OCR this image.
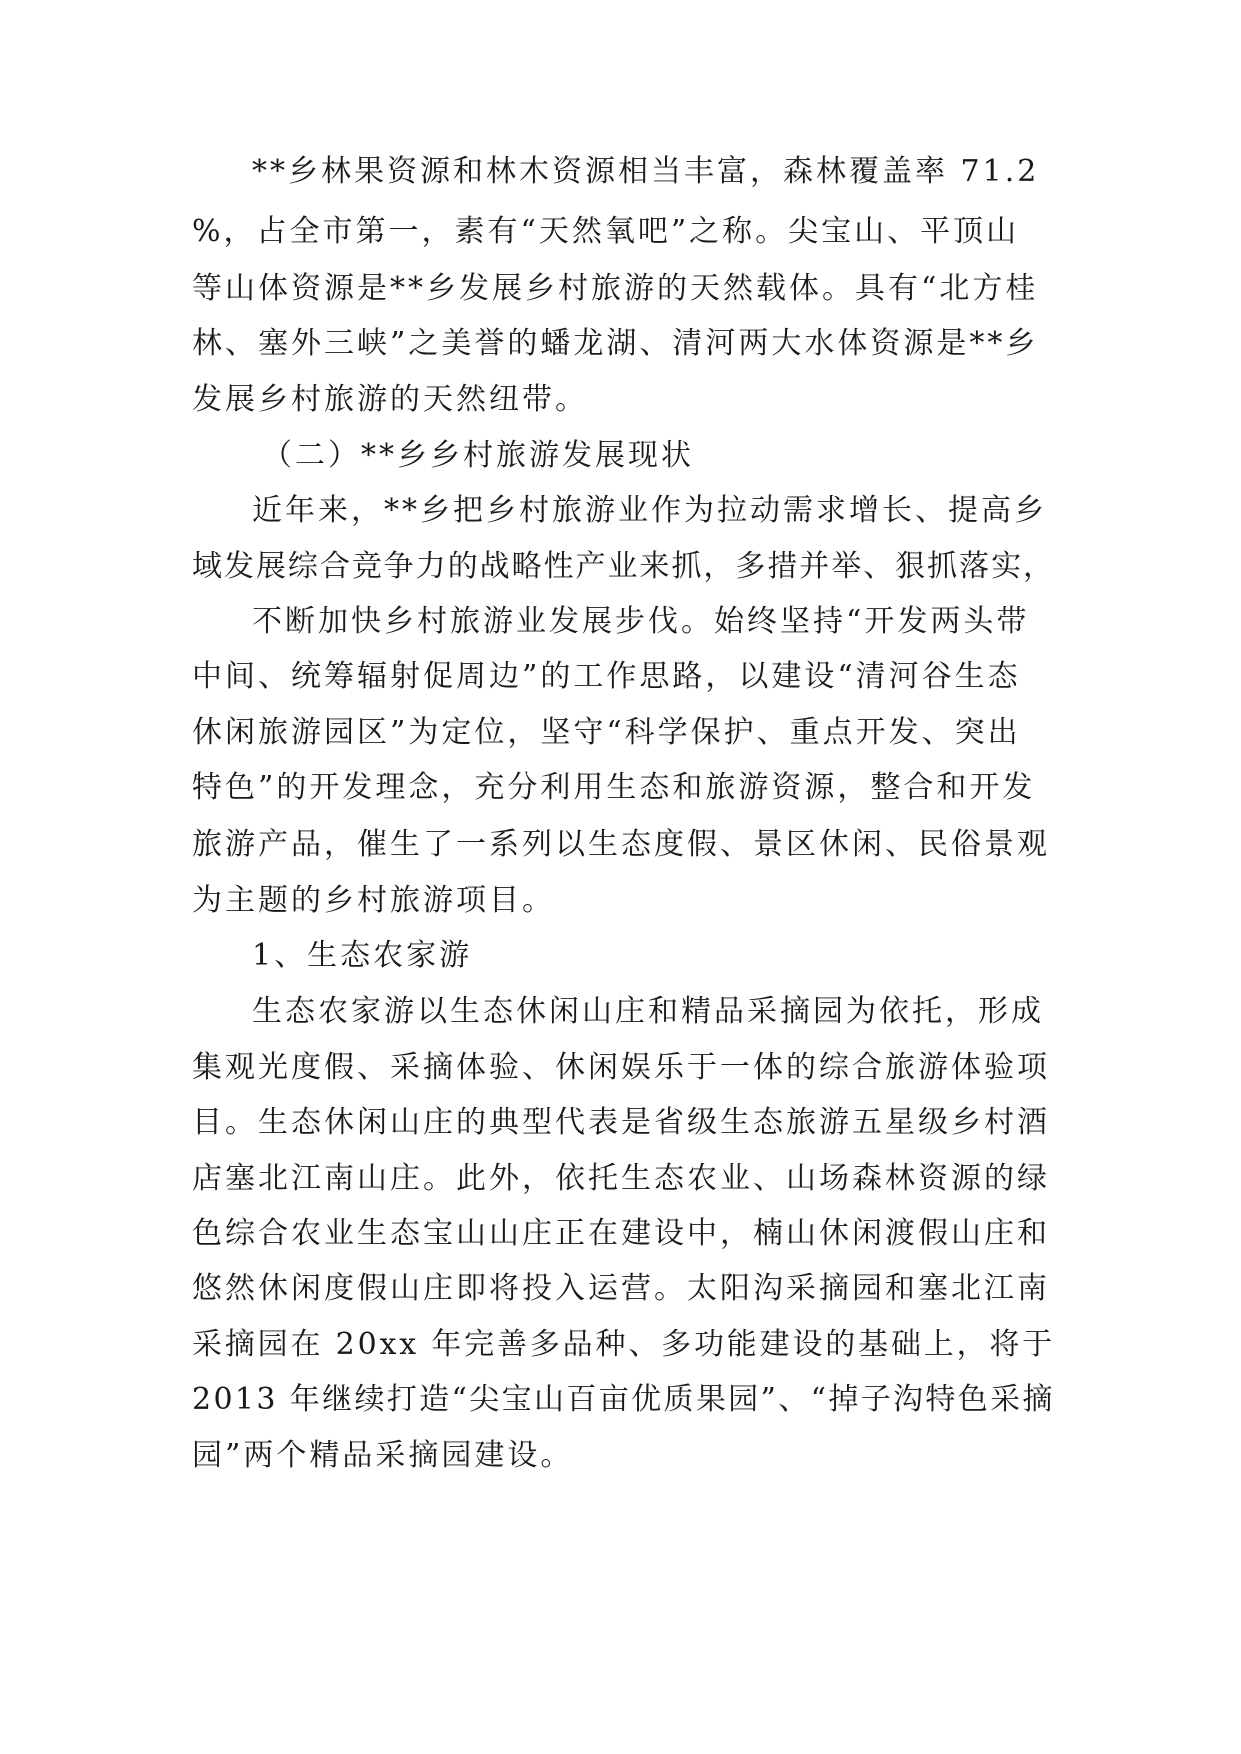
**乡林果资源和林木资源相当丰富，森林覆盖率 71.2
%，占全市第一，素有“天然氧吧”之称。尖宝山、平顶山
等山体资源是**乡发展乡村旅游的天然载体。具有“北方桂
林、塞外三峡”之美誉的蟠龙湖、清河两大水体资源是**乡
发展乡村旅游的天然纽带。
（二）**乡乡村旅游发展现状
近年来，**乡把乡村旅游业作为拉动需求增长、提高乡
域发展综合竞争力的战略性产业来抓，多措并举、狠抓落实，
不断加快乡村旅游业发展步伐。始终坚持“开发两头带
中间、统筹辐射促周边”的工作思路，以建设“清河谷生态
休闲旅游园区”为定位，坚守“科学保护、重点开发、突出
特色”的开发理念，充分利用生态和旅游资源，整合和开发
旅游产品，催生了一系列以生态度假、景区休闲、民俗景观
为主题的乡村旅游项目。
1、生态农家游
生态农家游以生态休闲山庄和精品采摘园为依托，形成
集观光度假、采摘体验、休闲娱乐于一体的综合旅游体验项
目。生态休闲山庄的典型代表是省级生态旅游五星级乡村酒
店塞北江南山庄。此外，依托生态农业、山场森林资源的绿
色综合农业生态宝山山庄正在建设中，楠山休闲渡假山庄和
悠然休闲度假山庄即将投入运营。太阳沟采摘园和塞北江南
采摘园在 20xx 年完善多品种、多功能建设的基础上，将于
2013 年继续打造“尖宝山百亩优质果园”、“掉子沟特色采摘
园”两个精品采摘园建设。
